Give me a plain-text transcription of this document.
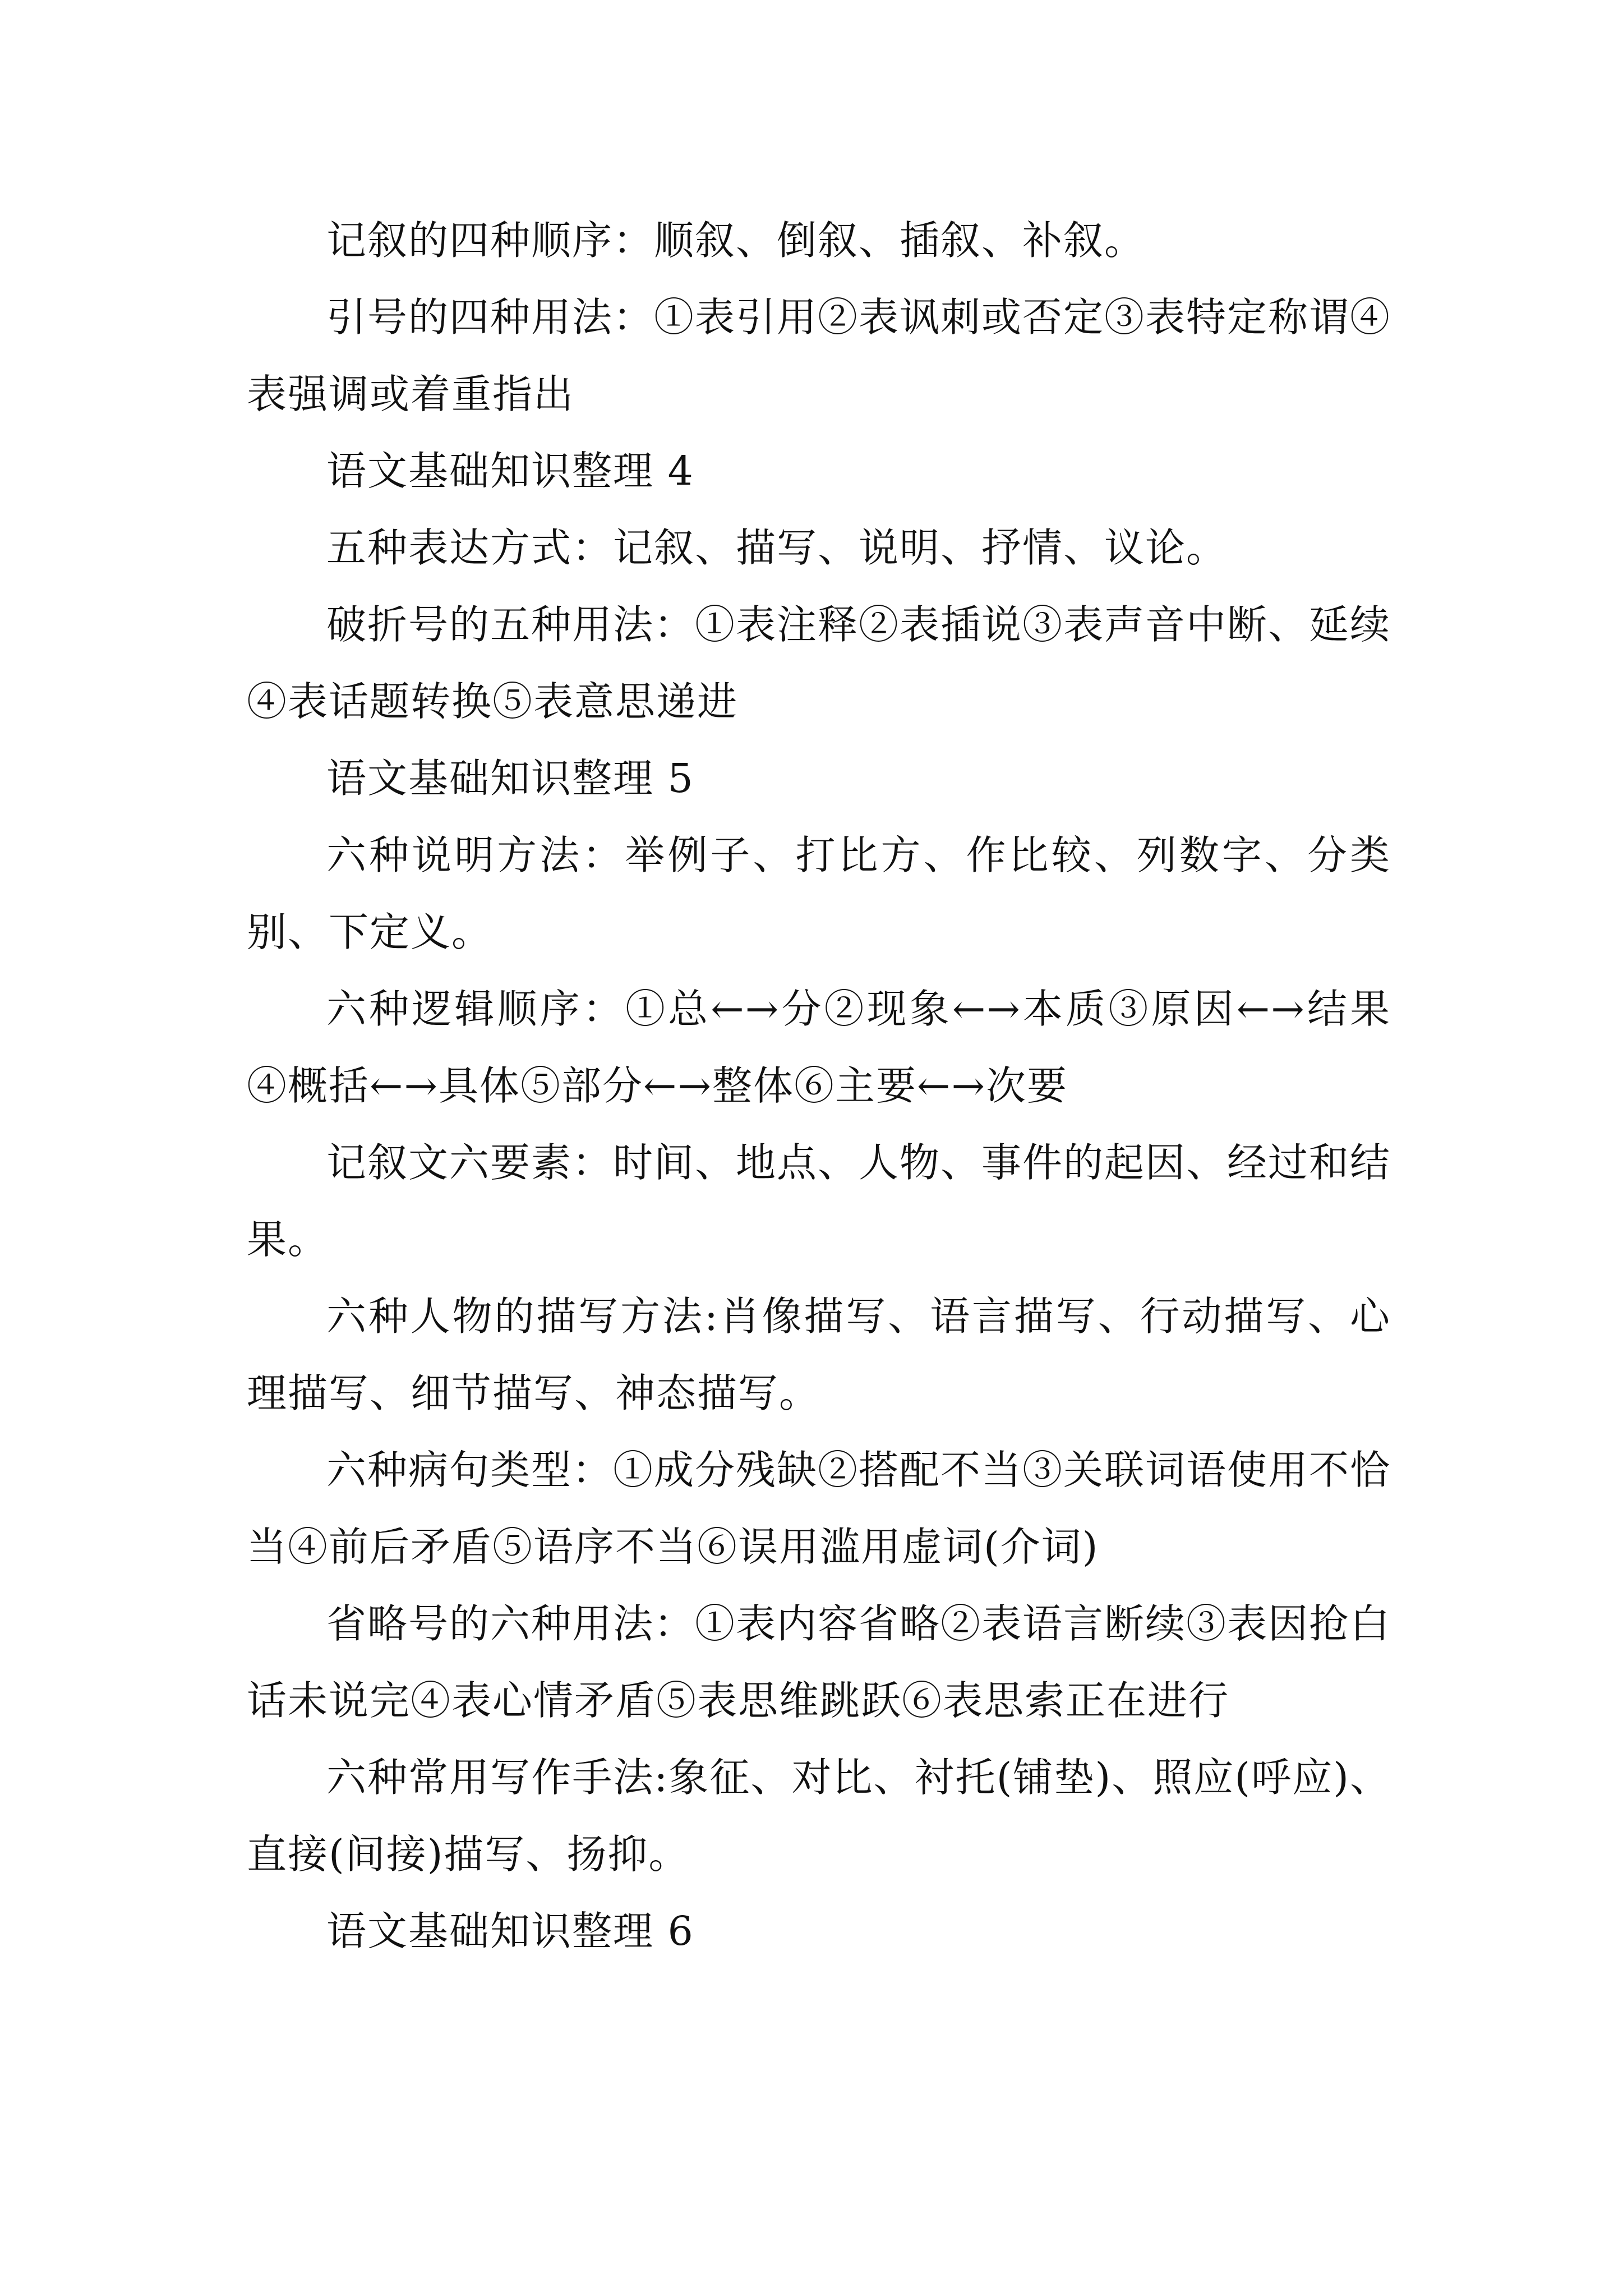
记叙的四种顺序：顺叙、倒叙、插叙、补叙。

引号的四种用法：①表引用②表讽刺或否定③表特定称谓④表强调或着重指出

语文基础知识整理 4

五种表达方式：记叙、描写、说明、抒情、议论。

破折号的五种用法：①表注释②表插说③表声音中断、延续④表话题转换⑤表意思递进

语文基础知识整理 5

六种说明方法：举例子、打比方、作比较、列数字、分类别、下定义。

六种逻辑顺序：①总←→分②现象←→本质③原因←→结果④概括←→具体⑤部分←→整体⑥主要←→次要

记叙文六要素：时间、地点、人物、事件的起因、经过和结果。

六种人物的描写方法:肖像描写、语言描写、行动描写、心理描写、细节描写、神态描写。

六种病句类型：①成分残缺②搭配不当③关联词语使用不恰当④前后矛盾⑤语序不当⑥误用滥用虚词(介词)

省略号的六种用法：①表内容省略②表语言断续③表因抢白话未说完④表心情矛盾⑤表思维跳跃⑥表思索正在进行

六种常用写作手法:象征、对比、衬托(铺垫)、照应(呼应)、直接(间接)描写、扬抑。

语文基础知识整理 6
